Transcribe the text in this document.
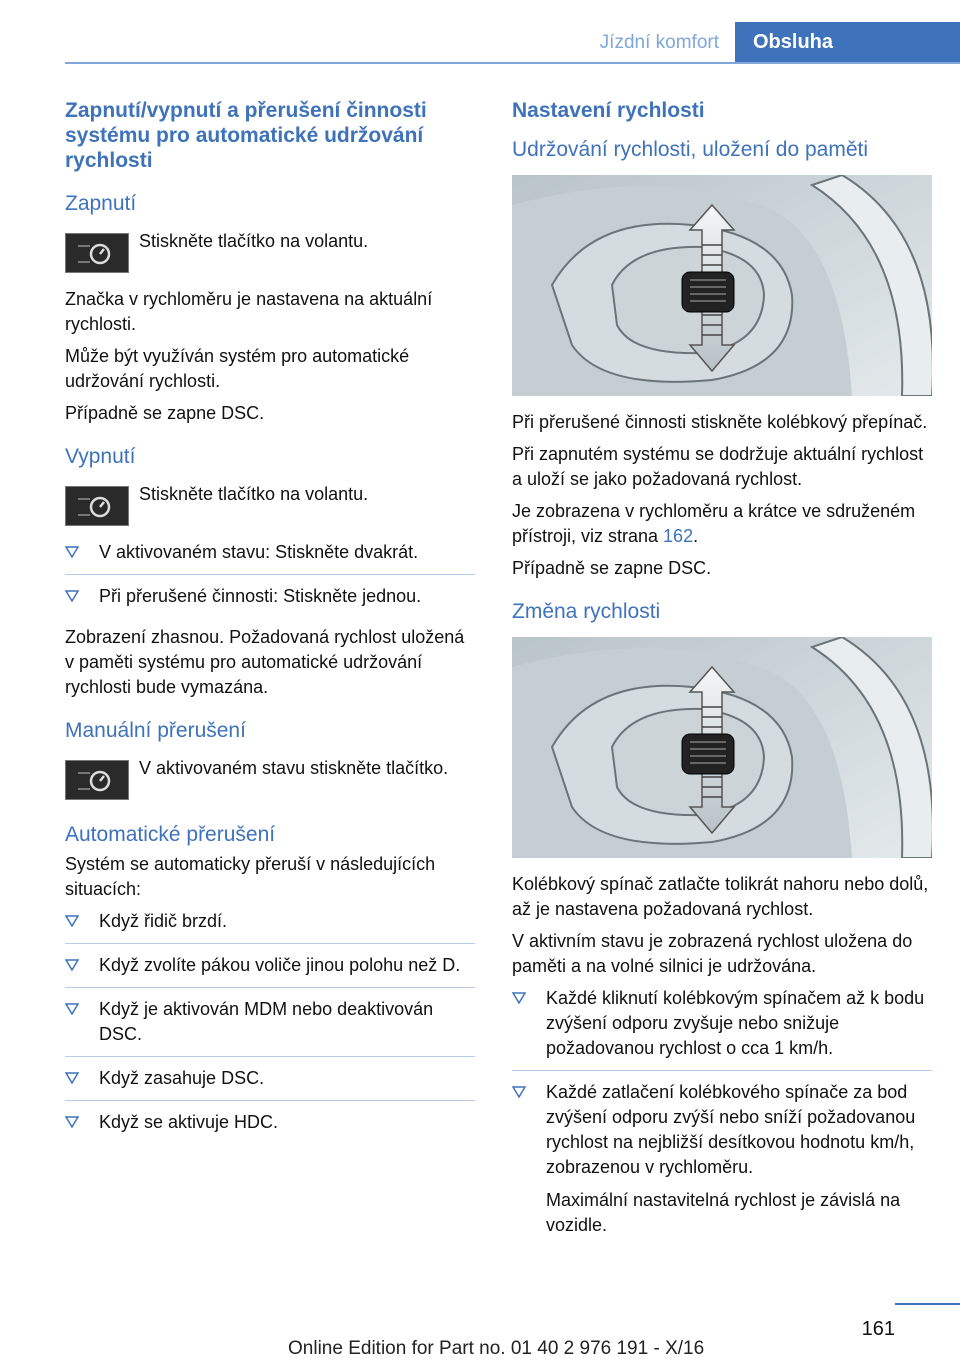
Jízdní komfort	Obsluha
Zapnutí/vypnutí a přerušení činnosti systému pro automatické udržování rychlosti
Zapnutí

Stiskněte tlačítko na volantu.

Značka v rychloměru je nastavena na aktuální rychlosti.

Může být využíván systém pro automatické udržování rychlosti.

Případně se zapne DSC.

Vypnutí

Stiskněte tlačítko na volantu.

V aktivovaném stavu: Stiskněte dvakrát.
Při přerušené činnosti: Stiskněte jednou.

Zobrazení zhasnou. Požadovaná rychlost uložená v paměti systému pro automatické udržování rychlosti bude vymazána.

Manuální přerušení

V aktivovaném stavu stiskněte tlačítko.

Automatické přerušení

Systém se automaticky přeruší v následujících situacích:

Když řidič brzdí.
Když zvolíte pákou voliče jinou polohu než D.
Když je aktivován MDM nebo deaktivován DSC.
Když zasahuje DSC.
Když se aktivuje HDC.
Nastavení rychlosti
Udržování rychlosti, uložení do paměti

Při přerušené činnosti stiskněte kolébkový přepínač.

Při zapnutém systému se dodržuje aktuální rychlost a uloží se jako požadovaná rychlost.

Je zobrazena v rychloměru a krátce ve sdruženém přístroji, viz strana 162.

Případně se zapne DSC.

Změna rychlosti

Kolébkový spínač zatlačte tolikrát nahoru nebo dolů, až je nastavena požadovaná rychlost.

V aktivním stavu je zobrazená rychlost uložena do paměti a na volné silnici je udržována.

Každé kliknutí kolébkovým spínačem až k bodu zvýšení odporu zvyšuje nebo snižuje požadovanou rychlost o cca 1 km/h.
Každé zatlačení kolébkového spínače za bod zvýšení odporu zvýší nebo sníží požadovanou rychlost na nejbližší desítkovou hodnotu km/h, zobrazenou v rychloměru.
Maximální nastavitelná rychlost je závislá na vozidle.
161
Online Edition for Part no. 01 40 2 976 191 - X/16
